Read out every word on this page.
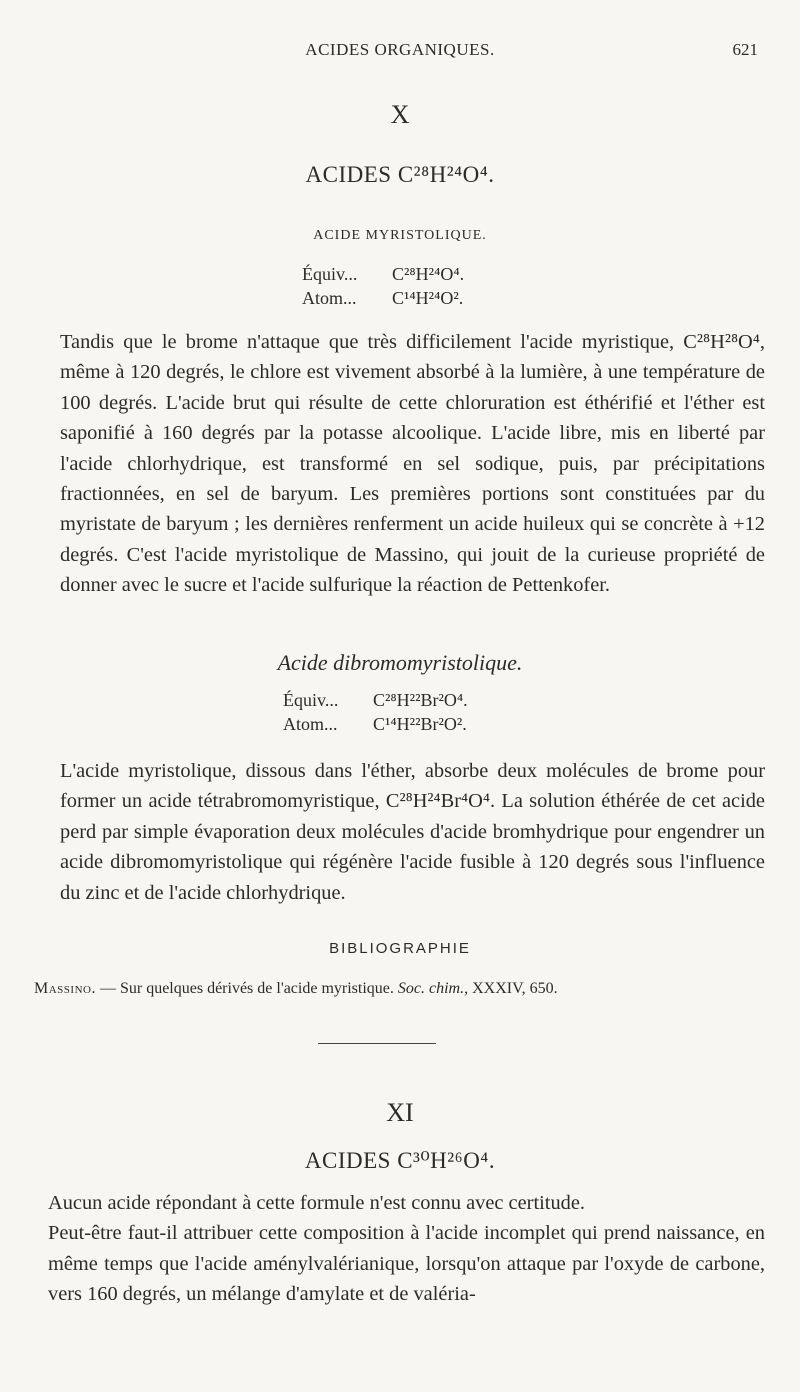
ACIDES ORGANIQUES.	621
X
ACIDES C²⁸H²⁴O⁴.
ACIDE MYRISTOLIQUE.
Équiv... C²⁸H²⁴O⁴.
Atom... C¹⁴H²⁴O².

Tandis que le brome n'attaque que très difficilement l'acide myristique, C²⁸H²⁸O⁴, même à 120 degrés, le chlore est vivement absorbé à la lumière, à une température de 100 degrés. L'acide brut qui résulte de cette chloruration est éthérifié et l'éther est saponifié à 160 degrés par la potasse alcoolique. L'acide libre, mis en liberté par l'acide chlorhydrique, est transformé en sel sodique, puis, par précipitations fractionnées, en sel de baryum. Les premières portions sont constituées par du myristate de baryum ; les dernières renferment un acide huileux qui se concrète à +12 degrés. C'est l'acide myristolique de Massino, qui jouit de la curieuse propriété de donner avec le sucre et l'acide sulfurique la réaction de Pettenkofer.

Acide dibromomyristolique.
Équiv... C²⁸H²²Br²O⁴.
Atom... C¹⁴H²²Br²O².

L'acide myristolique, dissous dans l'éther, absorbe deux molécules de brome pour former un acide tétrabromomyristique, C²⁸H²⁴Br⁴O⁴. La solution éthérée de cet acide perd par simple évaporation deux molécules d'acide bromhydrique pour engendrer un acide dibromomyristolique qui régénère l'acide fusible à 120 degrés sous l'influence du zinc et de l'acide chlorhydrique.

BIBLIOGRAPHIE
Massino. — Sur quelques dérivés de l'acide myristique. Soc. chim., XXXIV, 650.
XI
ACIDES C³⁰H²⁶O⁴.

Aucun acide répondant à cette formule n'est connu avec certitude.

Peut-être faut-il attribuer cette composition à l'acide incomplet qui prend naissance, en même temps que l'acide aménylvalérianique, lorsqu'on attaque par l'oxyde de carbone, vers 160 degrés, un mélange d'amylate et de valéria-
